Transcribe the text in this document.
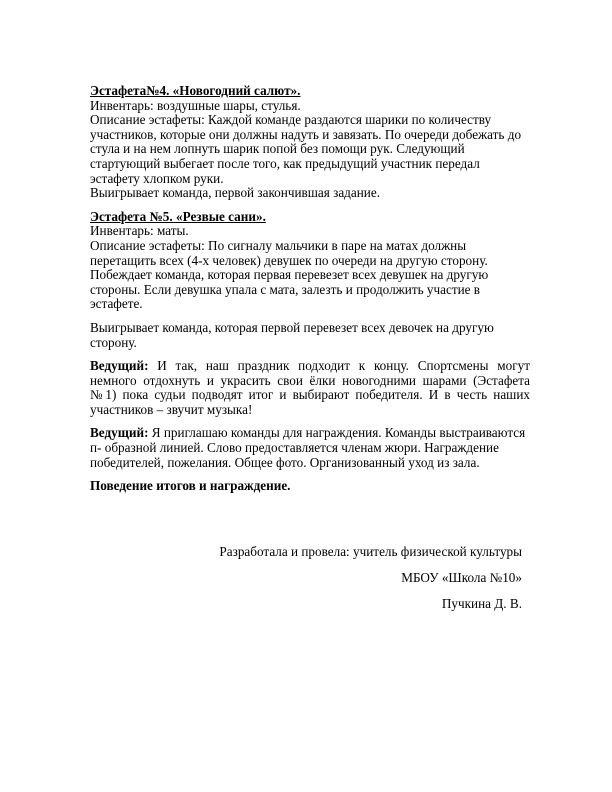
Эстафета№4. «Новогодний салют».

Инвентарь: воздушные шары, стулья.

Описание эстафеты: Каждой команде раздаются шарики по количеству участников, которые они должны надуть и завязать. По очереди добежать до стула и на нем лопнуть шарик попой без помощи рук. Следующий стартующий выбегает после того, как предыдущий участник передал эстафету хлопком руки.

Выигрывает команда, первой закончившая задание.

Эстафета №5. «Резвые сани».

Инвентарь: маты.

Описание эстафеты: По сигналу мальчики в паре на матах должны перетащить всех (4-х человек) девушек по очереди на другую сторону.

Побеждает команда, которая первая перевезет всех девушек на другую стороны. Если девушка упала с мата, залезть и продолжить участие в эстафете.

Выигрывает команда, которая первой перевезет всех девочек на другую сторону.

Ведущий: И так, наш праздник подходит к концу. Спортсмены могут немного отдохнуть и украсить свои ёлки новогодними шарами (Эстафета №1) пока судьи подводят итог и выбирают победителя. И в честь наших участников – звучит музыка!

Ведущий: Я приглашаю команды для награждения. Команды выстраиваются п- образной линией. Слово предоставляется членам жюри. Награждение победителей, пожелания. Общее фото. Организованный уход из зала.

Поведение итогов и награждение.

Разработала и провела: учитель физической культуры
МБОУ «Школа №10»
Пучкина Д. В.
